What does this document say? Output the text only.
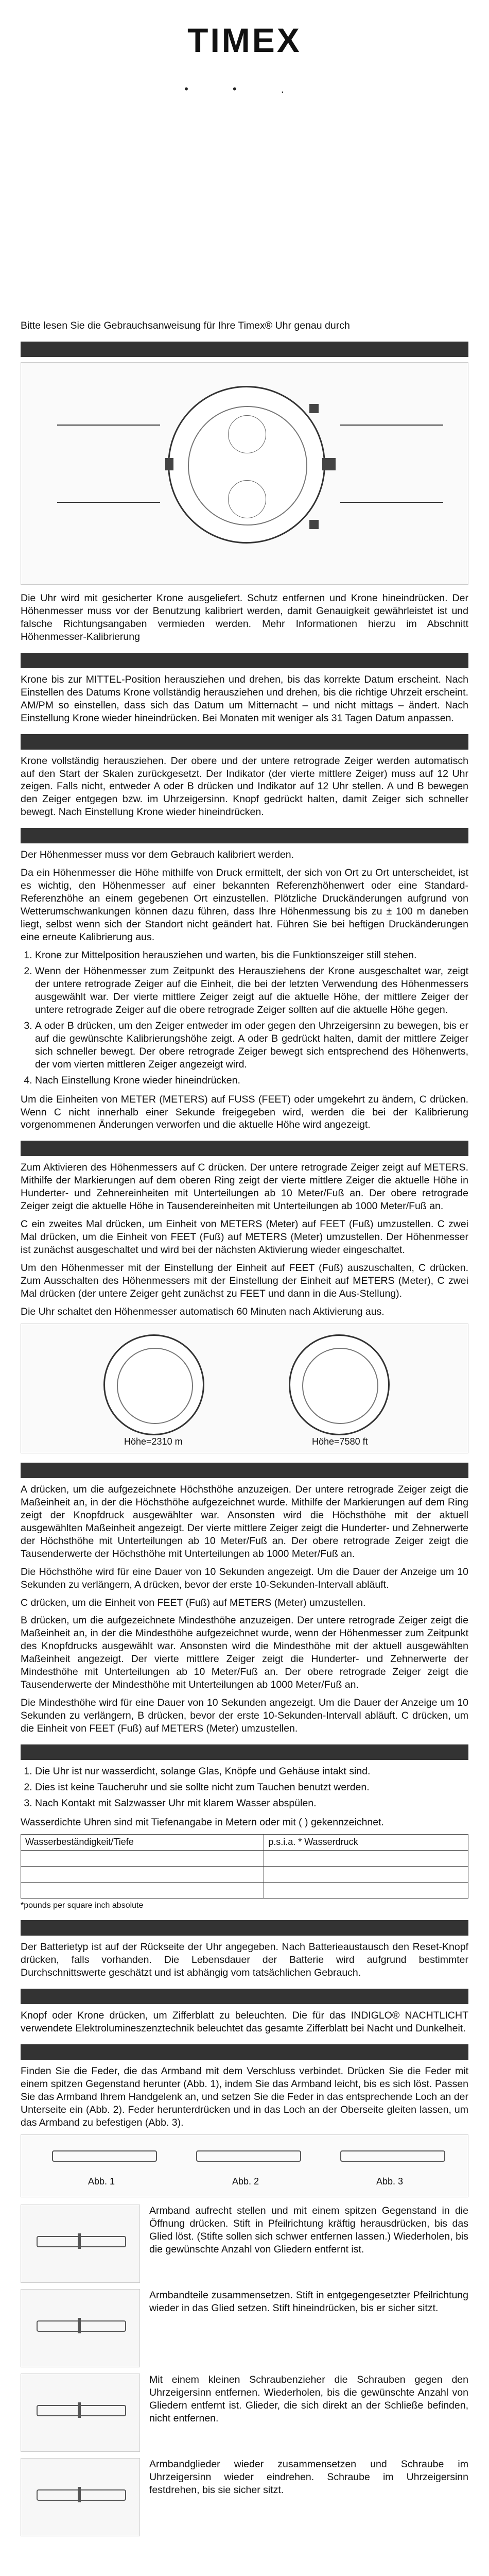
TIMEX
• • .

Bitte lesen Sie die Gebrauchsanweisung für Ihre Timex® Uhr genau durch

Die Uhr wird mit gesicherter Krone ausgeliefert. Schutz entfernen und Krone hineindrücken. Der Höhenmesser muss vor der Benutzung kalibriert werden, damit Genauigkeit gewährleistet ist und falsche Richtungsangaben vermieden werden. Mehr Informationen hierzu im Abschnitt Höhenmesser-Kalibrierung

Krone bis zur MITTEL-Position herausziehen und drehen, bis das korrekte Datum erscheint. Nach Einstellen des Datums Krone vollständig herausziehen und drehen, bis die richtige Uhrzeit erscheint. AM/PM so einstellen, dass sich das Datum um Mitternacht – und nicht mittags – ändert. Nach Einstellung Krone wieder hineindrücken. Bei Monaten mit weniger als 31 Tagen Datum anpassen.

Krone vollständig herausziehen. Der obere und der untere retrograde Zeiger werden automatisch auf den Start der Skalen zurückgesetzt. Der Indikator (der vierte mittlere Zeiger) muss auf 12 Uhr zeigen. Falls nicht, entweder A oder B drücken und Indikator auf 12 Uhr stellen. A und B bewegen den Zeiger entgegen bzw. im Uhrzeigersinn. Knopf gedrückt halten, damit Zeiger sich schneller bewegt. Nach Einstellung Krone wieder hineindrücken.

Der Höhenmesser muss vor dem Gebrauch kalibriert werden.

Da ein Höhenmesser die Höhe mithilfe von Druck ermittelt, der sich von Ort zu Ort unterscheidet, ist es wichtig, den Höhenmesser auf einer bekannten Referenzhöhenwert oder eine Standard-Referenzhöhe an einem gegebenen Ort einzustellen. Plötzliche Druckänderungen aufgrund von Wetterumschwankungen können dazu führen, dass Ihre Höhenmessung bis zu ± 100 m daneben liegt, selbst wenn sich der Standort nicht geändert hat. Führen Sie bei heftigen Druckänderungen eine erneute Kalibrierung aus.

1. Krone zur Mittelposition herausziehen und warten, bis die Funktionszeiger still stehen.
2. Wenn der Höhenmesser zum Zeitpunkt des Herausziehens der Krone ausgeschaltet war, zeigt der untere retrograde Zeiger auf die Einheit, die bei der letzten Verwendung des Höhenmessers ausgewählt war. Der vierte mittlere Zeiger zeigt auf die aktuelle Höhe, der mittlere Zeiger der untere retrograde Zeiger auf die obere retrograde Zeiger sollten auf die aktuelle Höhe gegen.
3. A oder B drücken, um den Zeiger entweder im oder gegen den Uhrzeigersinn zu bewegen, bis er auf die gewünschte Kalibrierungshöhe zeigt. A oder B gedrückt halten, damit der mittlere Zeiger sich schneller bewegt. Der obere retrograde Zeiger bewegt sich entsprechend des Höhenwerts, der vom vierten mittleren Zeiger angezeigt wird.
4. Nach Einstellung Krone wieder hineindrücken.

Um die Einheiten von METER (METERS) auf FUSS (FEET) oder umgekehrt zu ändern, C drücken. Wenn C nicht innerhalb einer Sekunde freigegeben wird, werden die bei der Kalibrierung vorgenommenen Änderungen verworfen und die aktuelle Höhe wird angezeigt.

Zum Aktivieren des Höhenmessers auf C drücken. Der untere retrograde Zeiger zeigt auf METERS. Mithilfe der Markierungen auf dem oberen Ring zeigt der vierte mittlere Zeiger die aktuelle Höhe in Hunderter- und Zehnereinheiten mit Unterteilungen ab 10 Meter/Fuß an. Der obere retrograde Zeiger zeigt die aktuelle Höhe in Tausendereinheiten mit Unterteilungen ab 1000 Meter/Fuß an.

C ein zweites Mal drücken, um Einheit von METERS (Meter) auf FEET (Fuß) umzustellen. C zwei Mal drücken, um die Einheit von FEET (Fuß) auf METERS (Meter) umzustellen. Der Höhenmesser ist zunächst ausgeschaltet und wird bei der nächsten Aktivierung wieder eingeschaltet.

Um den Höhenmesser mit der Einstellung der Einheit auf FEET (Fuß) auszuschalten, C drücken. Zum Ausschalten des Höhenmessers mit der Einstellung der Einheit auf METERS (Meter), C zwei Mal drücken (der untere Zeiger geht zunächst zu FEET und dann in die Aus-Stellung).

Die Uhr schaltet den Höhenmesser automatisch 60 Minuten nach Aktivierung aus.

Höhe=2310 m	Höhe=7580 ft

A drücken, um die aufgezeichnete Höchsthöhe anzuzeigen. Der untere retrograde Zeiger zeigt die Maßeinheit an, in der die Höchsthöhe aufgezeichnet wurde. Mithilfe der Markierungen auf dem Ring zeigt der Knopfdruck ausgewählter war. Ansonsten wird die Höchsthöhe mit der aktuell ausgewählten Maßeinheit angezeigt. Der vierte mittlere Zeiger zeigt die Hunderter- und Zehnerwerte der Höchsthöhe mit Unterteilungen ab 10 Meter/Fuß an. Der obere retrograde Zeiger zeigt die Tausenderwerte der Höchsthöhe mit Unterteilungen ab 1000 Meter/Fuß an.

Die Höchsthöhe wird für eine Dauer von 10 Sekunden angezeigt. Um die Dauer der Anzeige um 10 Sekunden zu verlängern, A drücken, bevor der erste 10-Sekunden-Intervall abläuft.

C drücken, um die Einheit von FEET (Fuß) auf METERS (Meter) umzustellen.

B drücken, um die aufgezeichnete Mindesthöhe anzuzeigen. Der untere retrograde Zeiger zeigt die Maßeinheit an, in der die Mindesthöhe aufgezeichnet wurde, wenn der Höhenmesser zum Zeitpunkt des Knopfdrucks ausgewählt war. Ansonsten wird die Mindesthöhe mit der aktuell ausgewählten Maßeinheit angezeigt. Der vierte mittlere Zeiger zeigt die Hunderter- und Zehnerwerte der Mindesthöhe mit Unterteilungen ab 10 Meter/Fuß an. Der obere retrograde Zeiger zeigt die Tausenderwerte der Mindesthöhe mit Unterteilungen ab 1000 Meter/Fuß an.

Die Mindesthöhe wird für eine Dauer von 10 Sekunden angezeigt. Um die Dauer der Anzeige um 10 Sekunden zu verlängern, B drücken, bevor der erste 10-Sekunden-Intervall abläuft. C drücken, um die Einheit von FEET (Fuß) auf METERS (Meter) umzustellen.

1. Die Uhr ist nur wasserdicht, solange Glas, Knöpfe und Gehäuse intakt sind.
2. Dies ist keine Taucheruhr und sie sollte nicht zum Tauchen benutzt werden.
3. Nach Kontakt mit Salzwasser Uhr mit klarem Wasser abspülen.

Wasserdichte Uhren sind mit Tiefenangabe in Metern oder mit ( ) gekennzeichnet.

Wasserbeständigkeit/Tiefe	p.s.i.a. * Wasserdruck

*pounds per square inch absolute

Der Batterietyp ist auf der Rückseite der Uhr angegeben. Nach Batterieaustausch den Reset-Knopf drücken, falls vorhanden. Die Lebensdauer der Batterie wird aufgrund bestimmter Durchschnittswerte geschätzt und ist abhängig vom tatsächlichen Gebrauch.

Knopf oder Krone drücken, um Zifferblatt zu beleuchten. Die für das INDIGLO® NACHTLICHT verwendete Elektrolumineszenztechnik beleuchtet das gesamte Zifferblatt bei Nacht und Dunkelheit.

Finden Sie die Feder, die das Armband mit dem Verschluss verbindet. Drücken Sie die Feder mit einem spitzen Gegenstand herunter (Abb. 1), indem Sie das Armband leicht, bis es sich löst. Passen Sie das Armband Ihrem Handgelenk an, und setzen Sie die Feder in das entsprechende Loch an der Unterseite ein (Abb. 2). Feder herunterdrücken und in das Loch an der Oberseite gleiten lassen, um das Armband zu befestigen (Abb. 3).

Abb. 1	Abb. 2	Abb. 3

Armband aufrecht stellen und mit einem spitzen Gegenstand in die Öffnung drücken. Stift in Pfeilrichtung kräftig herausdrücken, bis das Glied löst. (Stifte sollen sich schwer entfernen lassen.) Wiederholen, bis die gewünschte Anzahl von Gliedern entfernt ist.

Armbandteile zusammensetzen. Stift in entgegengesetzter Pfeilrichtung wieder in das Glied setzen. Stift hineindrücken, bis er sicher sitzt.

Mit einem kleinen Schraubenzieher die Schrauben gegen den Uhrzeigersinn entfernen. Wiederholen, bis die gewünschte Anzahl von Gliedern entfernt ist. Glieder, die sich direkt an der Schließe befinden, nicht entfernen.

Armbandglieder wieder zusammensetzen und Schraube im Uhrzeigersinn wieder eindrehen. Schraube im Uhrzeigersinn festdrehen, bis sie sicher sitzt.
